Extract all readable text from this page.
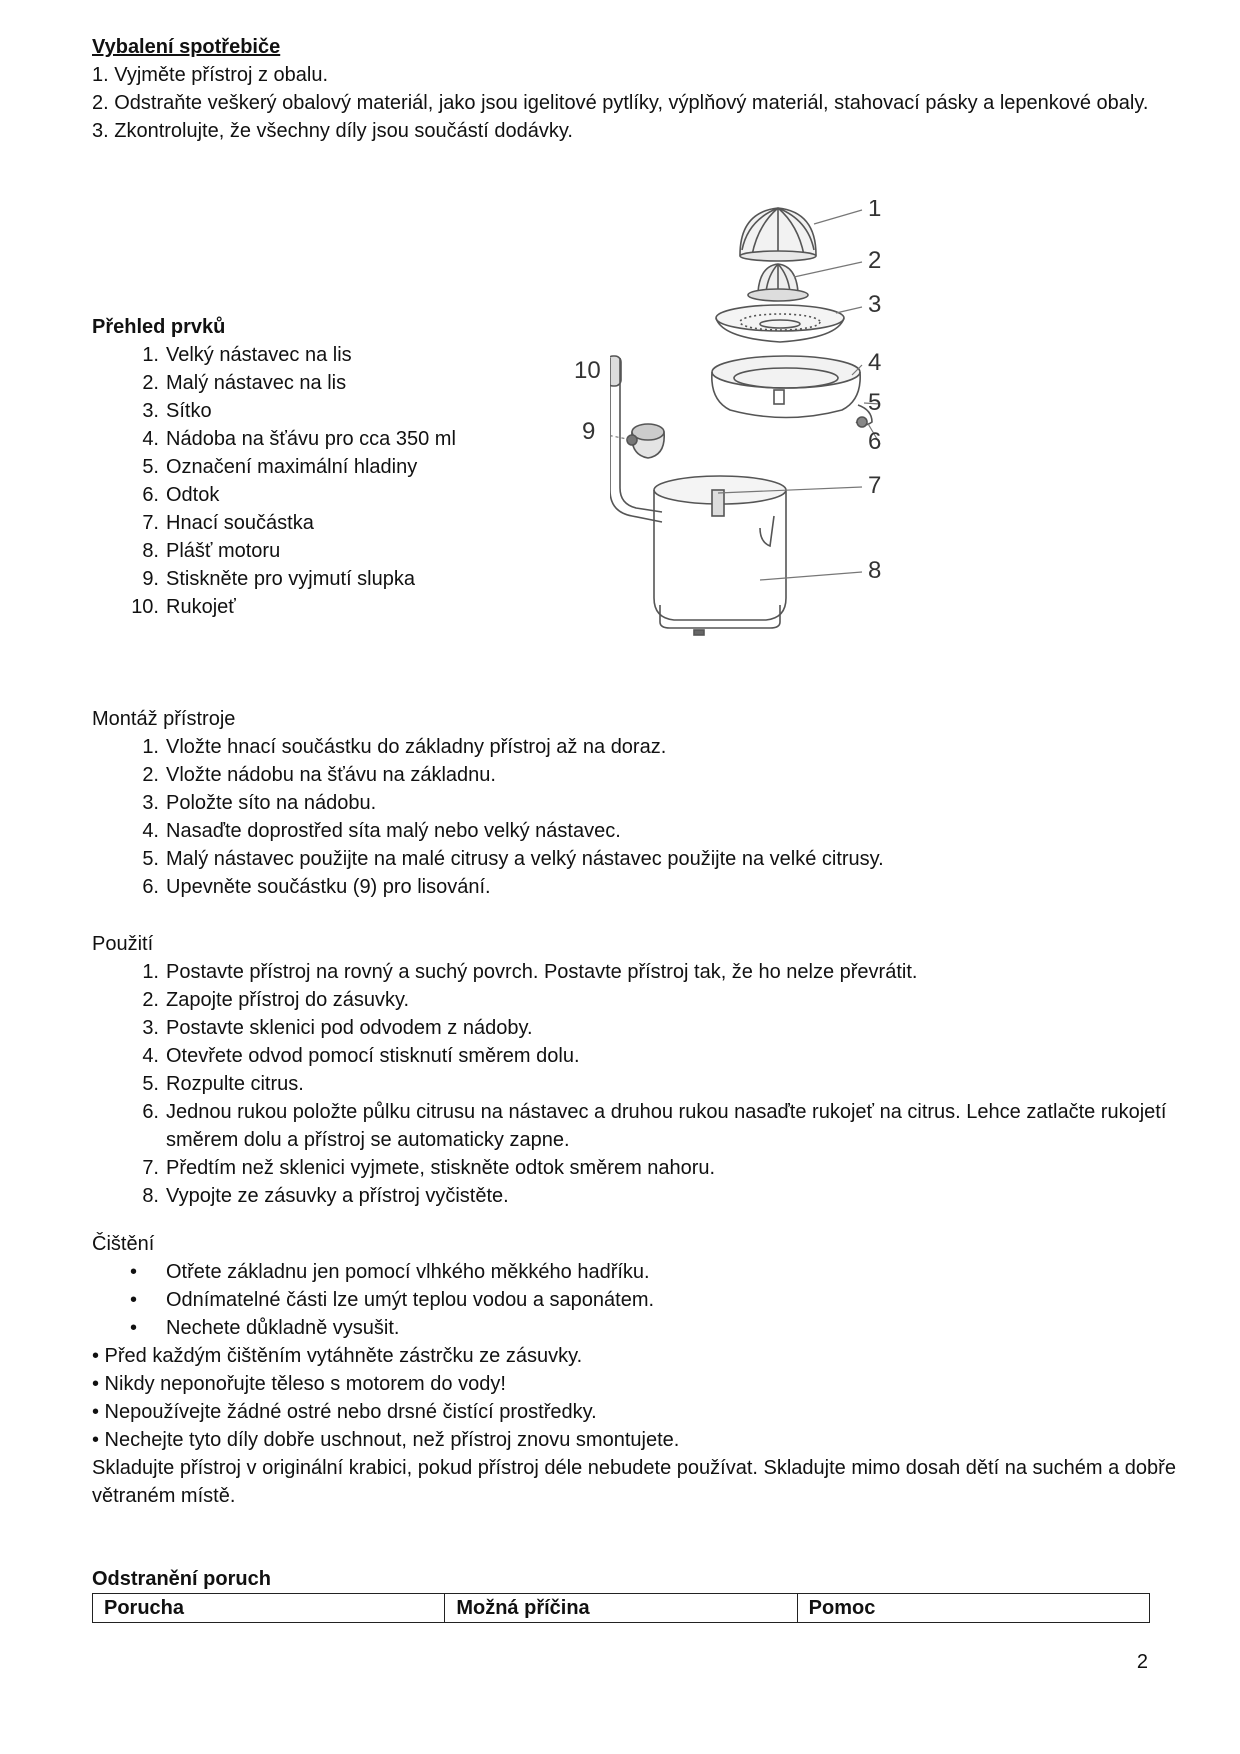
Vybalení spotřebiče
1. Vyjměte přístroj z obalu.
2. Odstraňte veškerý obalový materiál, jako jsou igelitové pytlíky, výplňový materiál, stahovací pásky a lepenkové obaly.
3. Zkontrolujte, že všechny díly jsou součástí dodávky.
Přehled prvků
1. Velký nástavec na lis
2. Malý nástavec na lis
3. Sítko
4. Nádoba na šťávu pro cca 350 ml
5. Označení maximální hladiny
6. Odtok
7. Hnací součástka
8. Plášť motoru
9. Stiskněte pro vyjmutí slupka
10. Rukojeť
1
2
3
4
5
6
7
8
10
9
Montáž přístroje
1. Vložte hnací součástku do základny přístroj až na doraz.
2. Vložte nádobu na šťávu na základnu.
3. Položte síto na nádobu.
4. Nasaďte doprostřed síta malý nebo velký nástavec.
5. Malý nástavec použijte na malé citrusy a velký nástavec použijte na velké citrusy.
6. Upevněte součástku (9) pro lisování.
Použití
1. Postavte přístroj na rovný a suchý povrch. Postavte přístroj tak, že ho nelze převrátit.
2. Zapojte přístroj do zásuvky.
3. Postavte sklenici pod odvodem z nádoby.
4. Otevřete odvod pomocí stisknutí směrem dolu.
5. Rozpulte citrus.
6. Jednou rukou položte půlku citrusu na nástavec a druhou rukou nasaďte rukojeť na citrus. Lehce zatlačte rukojetí směrem dolu a přístroj se automaticky zapne.
7. Předtím než sklenici vyjmete, stiskněte odtok směrem nahoru.
8. Vypojte ze zásuvky a přístroj vyčistěte.
Čištění
• Otřete základnu jen pomocí vlhkého měkkého hadříku.
• Odnímatelné části lze umýt teplou vodou a saponátem.
• Nechete důkladně vysušit.
• Před každým čištěním vytáhněte zástrčku ze zásuvky.
• Nikdy neponořujte těleso s motorem do vody!
• Nepoužívejte žádné ostré nebo drsné čistící prostředky.
• Nechejte tyto díly dobře uschnout, než přístroj znovu smontujete.
Skladujte přístroj v originální krabici, pokud přístroj déle nebudete používat. Skladujte mimo dosah dětí na suchém a dobře větraném místě.
Odstranění poruch
Porucha	Možná příčina	Pomoc
2
